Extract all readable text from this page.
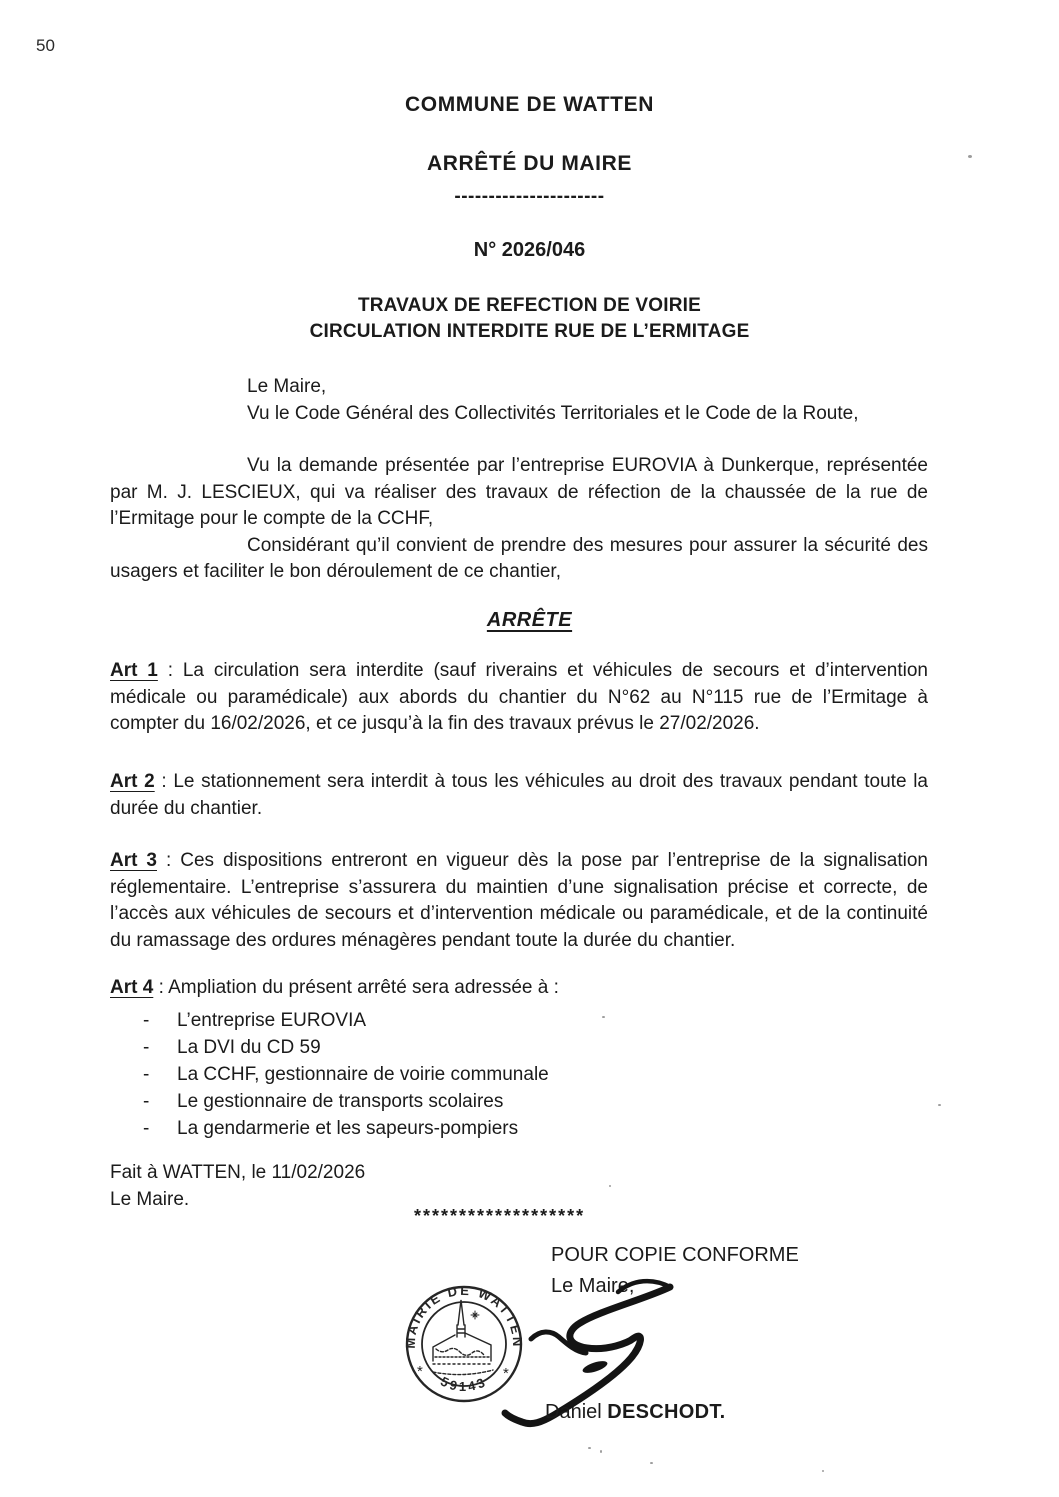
50
COMMUNE DE WATTEN
ARRÊTÉ DU MAIRE
----------------------
N° 2026/046
TRAVAUX DE REFECTION DE VOIRIE
CIRCULATION INTERDITE RUE DE L’ERMITAGE

Le Maire,

Vu le Code Général des Collectivités Territoriales et le Code de la Route,

Vu la demande présentée par l’entreprise EUROVIA à Dunkerque, représentée par M. J. LESCIEUX, qui va réaliser des travaux de réfection de la chaussée de la rue de l’Ermitage pour le compte de la CCHF,

Considérant qu’il convient de prendre des mesures pour assurer la sécurité des usagers et faciliter le bon déroulement de ce chantier,

ARRÊTE

Art 1 : La circulation sera interdite (sauf riverains et véhicules de secours et d’intervention médicale ou paramédicale) aux abords du chantier du N°62 au N°115 rue de l’Ermitage à compter du 16/02/2026, et ce jusqu’à la fin des travaux prévus le 27/02/2026.

Art 2 : Le stationnement sera interdit à tous les véhicules au droit des travaux pendant toute la durée du chantier.

Art 3 : Ces dispositions entreront en vigueur dès la pose par l’entreprise de la signalisation réglementaire. L’entreprise s’assurera du maintien d’une signalisation précise et correcte, de l’accès aux véhicules de secours et d’intervention médicale ou paramédicale, et de la continuité du ramassage des ordures ménagères pendant toute la durée du chantier.

Art 4 : Ampliation du présent arrêté sera adressée à :

-	L’entreprise EUROVIA
-	La DVI du CD 59
-	La CCHF, gestionnaire de voirie communale
-	Le gestionnaire de transports scolaires
-	La gendarmerie et les sapeurs-pompiers
Fait à WATTEN, le 11/02/2026
Le Maire.
*******************
POUR COPIE CONFORME
Le Maire,
MAIRIE DE WATTEN
59143
*	*
Daniel DESCHODT.
